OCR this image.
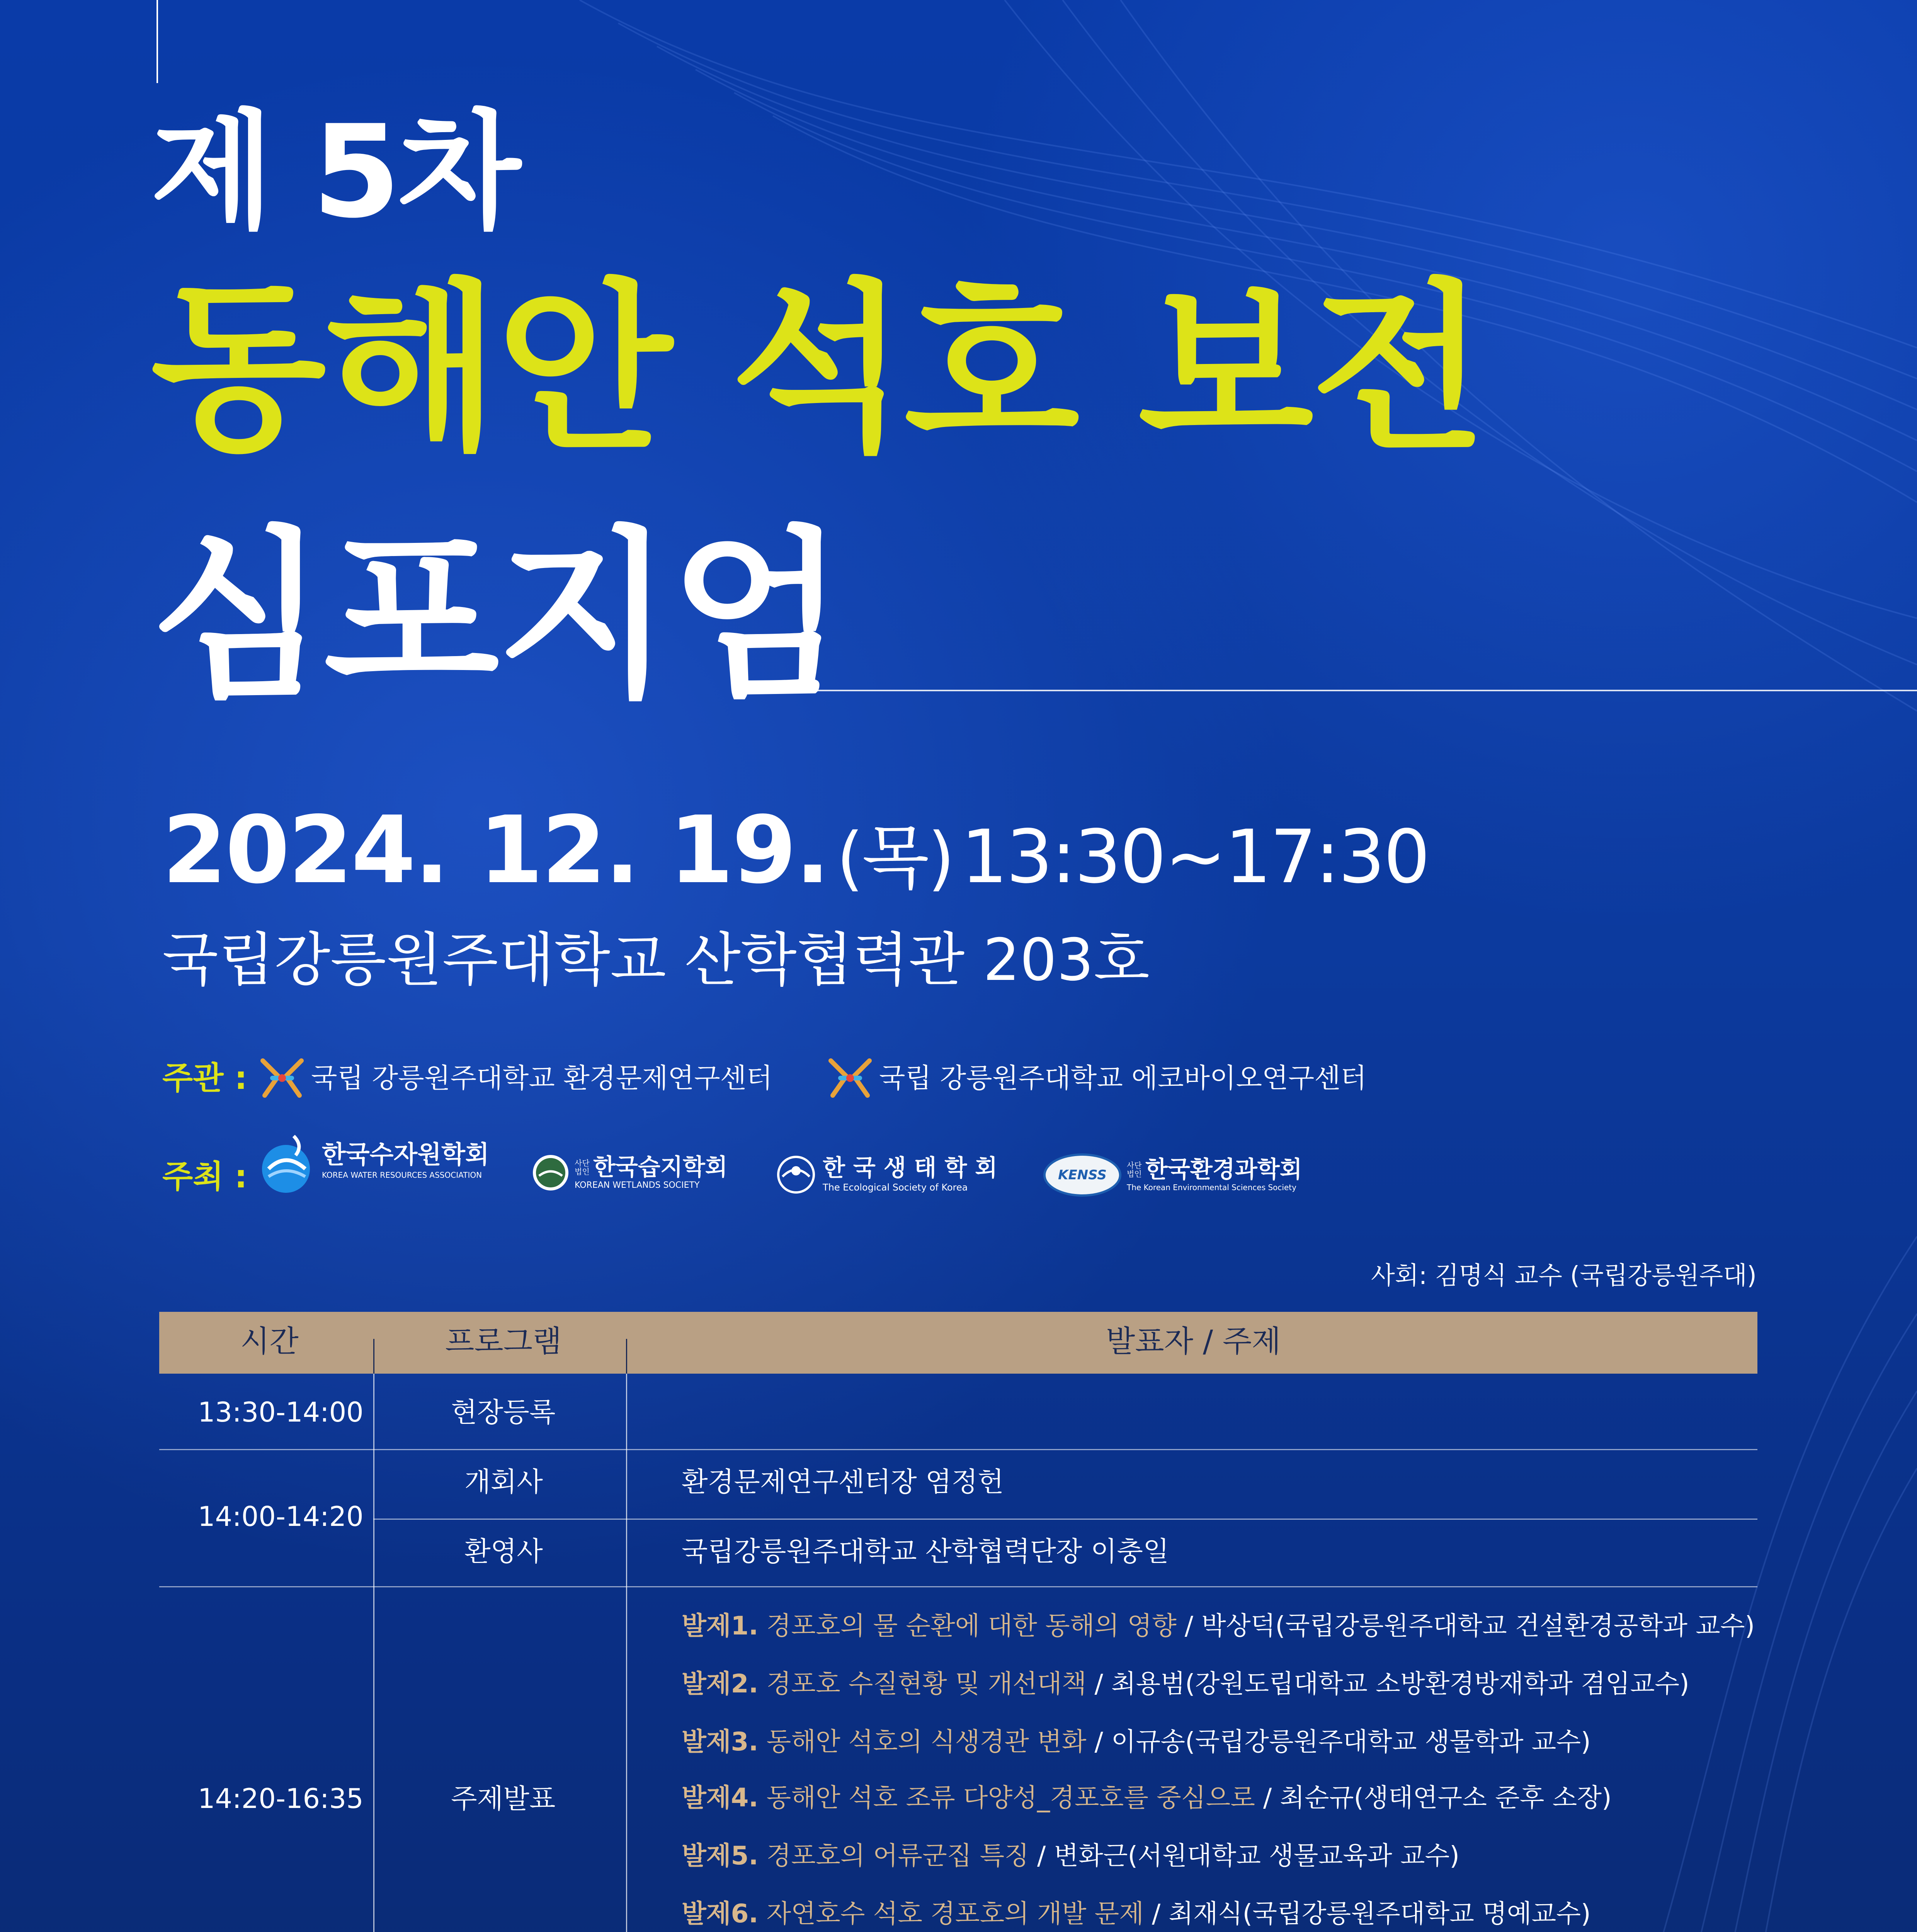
제 5차
동해안 석호 보전
심포지엄
2024. 12. 19. (목) 13:30~17:30
국립강릉원주대학교 산학협력관 203호
주관 : 국립 강릉원주대학교 환경문제연구센터	국립 강릉원주대학교 에코바이오연구센터
주최 :
한국수자원학회
KOREA WATER RESOURCES ASSOCIATION
사단법인 한국습지학회
KOREAN WETLANDS SOCIETY
한 국 생 태 학 회
The Ecological Society of Korea
KENSS
사단법인 한국환경과학회
The Korean Environmental Sciences Society
사회: 김명식 교수 (국립강릉원주대)
시간	프로그램	발표자 / 주제
13:30-14:00	현장등록
14:00-14:20
개회사	환경문제연구센터장 염정헌
환영사	국립강릉원주대학교 산학협력단장 이충일
14:20-16:35	주제발표
발제1. 경포호의 물 순환에 대한 동해의 영향 / 박상덕(국립강릉원주대학교 건설환경공학과 교수)
발제2. 경포호 수질현황 및 개선대책 / 최용범(강원도립대학교 소방환경방재학과 겸임교수)
발제3. 동해안 석호의 식생경관 변화 / 이규송(국립강릉원주대학교 생물학과 교수)
발제4. 동해안 석호 조류 다양성_경포호를 중심으로 / 최순규(생태연구소 준후 소장)
발제5. 경포호의 어류군집 특징 / 변화근(서원대학교 생물교육과 교수)
발제6. 자연호수 석호 경포호의 개발 문제 / 최재식(국립강릉원주대학교 명예교수)
